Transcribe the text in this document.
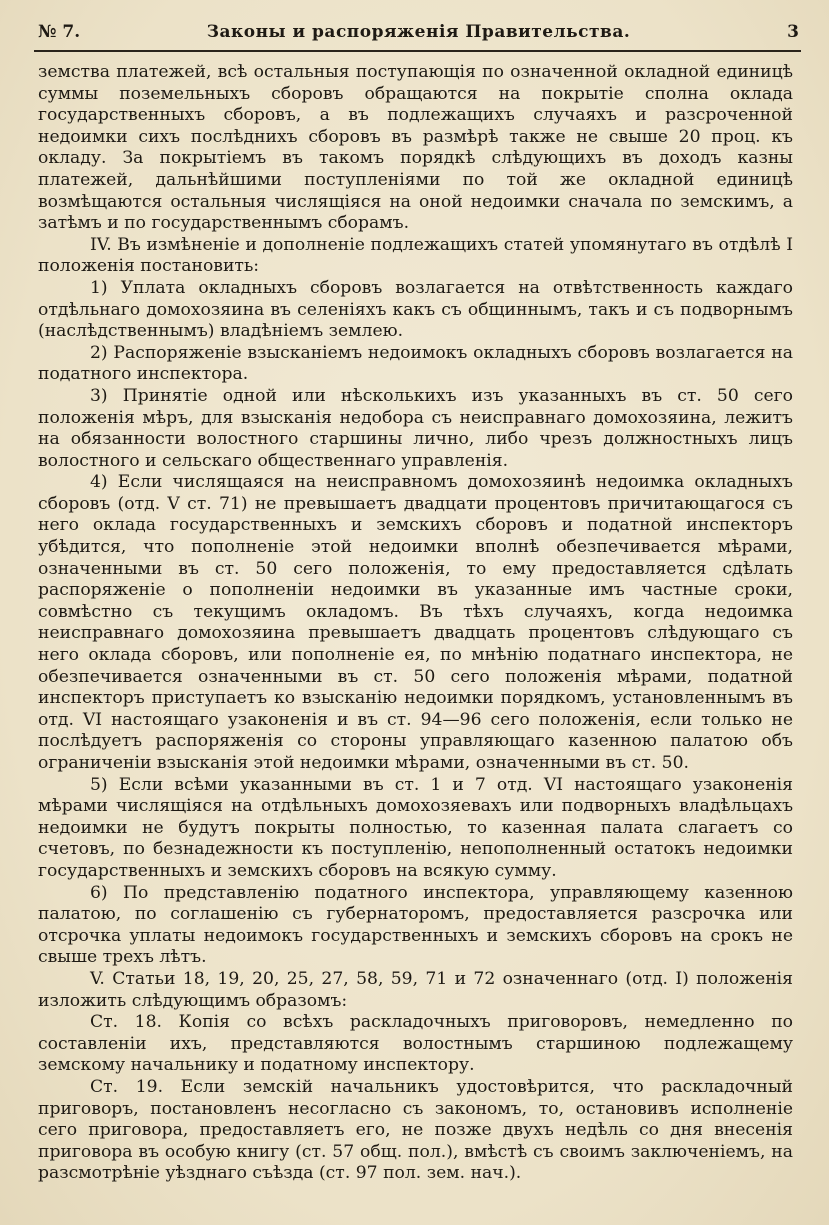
№ 7.	Законы и распоряженія Правительства.	3

земства платежей, всѣ остальныя поступающія по означенной окладной единицѣ суммы поземельныхъ сборовъ обращаются на покрытіе сполна оклада государственныхъ сборовъ, а въ подлежащихъ случаяхъ и разсроченной недоимки сихъ послѣднихъ сборовъ въ размѣрѣ также не свыше 20 проц. къ окладу. За покрытіемъ въ такомъ порядкѣ слѣдующихъ въ доходъ казны платежей, дальнѣйшими поступленіями по той же окладной единицѣ возмѣщаются остальныя числящіяся на оной недоимки сначала по земскимъ, а затѣмъ и по государственнымъ сборамъ.

IV. Въ измѣненіе и дополненіе подлежащихъ статей упомянутаго въ отдѣлѣ I положенія постановить:

1) Уплата окладныхъ сборовъ возлагается на отвѣтственность каждаго отдѣльнаго домохозяина въ селеніяхъ какъ съ общиннымъ, такъ и съ подворнымъ (наслѣдственнымъ) владѣніемъ землею.

2) Распоряженіе взысканіемъ недоимокъ окладныхъ сборовъ возлагается на податного инспектора.

3) Принятіе одной или нѣсколькихъ изъ указанныхъ въ ст. 50 сего положенія мѣръ, для взысканія недобора съ неисправнаго домохозяина, лежитъ на обязанности волостного старшины лично, либо чрезъ должностныхъ лицъ волостного и сельскаго общественнаго управленія.

4) Если числящаяся на неисправномъ домохозяинѣ недоимка окладныхъ сборовъ (отд. V ст. 71) не превышаетъ двадцати процентовъ причитающагося съ него оклада государственныхъ и земскихъ сборовъ и податной инспекторъ убѣдится, что пополненіе этой недоимки вполнѣ обезпечивается мѣрами, означенными въ ст. 50 сего положенія, то ему предоставляется сдѣлать распоряженіе о пополненіи недоимки въ указанные имъ частные сроки, совмѣстно съ текущимъ окладомъ. Въ тѣхъ случаяхъ, когда недоимка неисправнаго домохозяина превышаетъ двадцать процентовъ слѣдующаго съ него оклада сборовъ, или пополненіе ея, по мнѣнію податнаго инспектора, не обезпечивается означенными въ ст. 50 сего положенія мѣрами, податной инспекторъ приступаетъ ко взысканію недоимки порядкомъ, установленнымъ въ отд. VI настоящаго узаконенія и въ ст. 94—96 сего положенія, если только не послѣдуетъ распоряженія со стороны управляющаго казенною палатою объ ограниченіи взысканія этой недоимки мѣрами, означенными въ ст. 50.

5) Если всѣми указанными въ ст. 1 и 7 отд. VI настоящаго узаконенія мѣрами числящіяся на отдѣльныхъ домохозяевахъ или подворныхъ владѣльцахъ недоимки не будутъ покрыты полностью, то казенная палата слагаетъ со счетовъ, по безнадежности къ поступленію, непополненный остатокъ недоимки государственныхъ и земскихъ сборовъ на всякую сумму.

6) По представленію податного инспектора, управляющему казенною палатою, по соглашенію съ губернаторомъ, предоставляется разсрочка или отсрочка уплаты недоимокъ государственныхъ и земскихъ сборовъ на срокъ не свыше трехъ лѣтъ.

V. Статьи 18, 19, 20, 25, 27, 58, 59, 71 и 72 означеннаго (отд. I) положенія изложить слѣдующимъ образомъ:

Ст. 18. Копія со всѣхъ раскладочныхъ приговоровъ, немедленно по составленіи ихъ, представляются волостнымъ старшиною подлежащему земскому начальнику и податному инспектору.

Ст. 19. Если земскій начальникъ удостовѣрится, что раскладочный приговоръ, постановленъ несогласно съ закономъ, то, остановивъ исполненіе сего приговора, предоставляетъ его, не позже двухъ недѣль со дня внесенія приговора въ особую книгу (ст. 57 общ. пол.), вмѣстѣ съ своимъ заключеніемъ, на разсмотрѣніе уѣзднаго съѣзда (ст. 97 пол. зем. нач.).
